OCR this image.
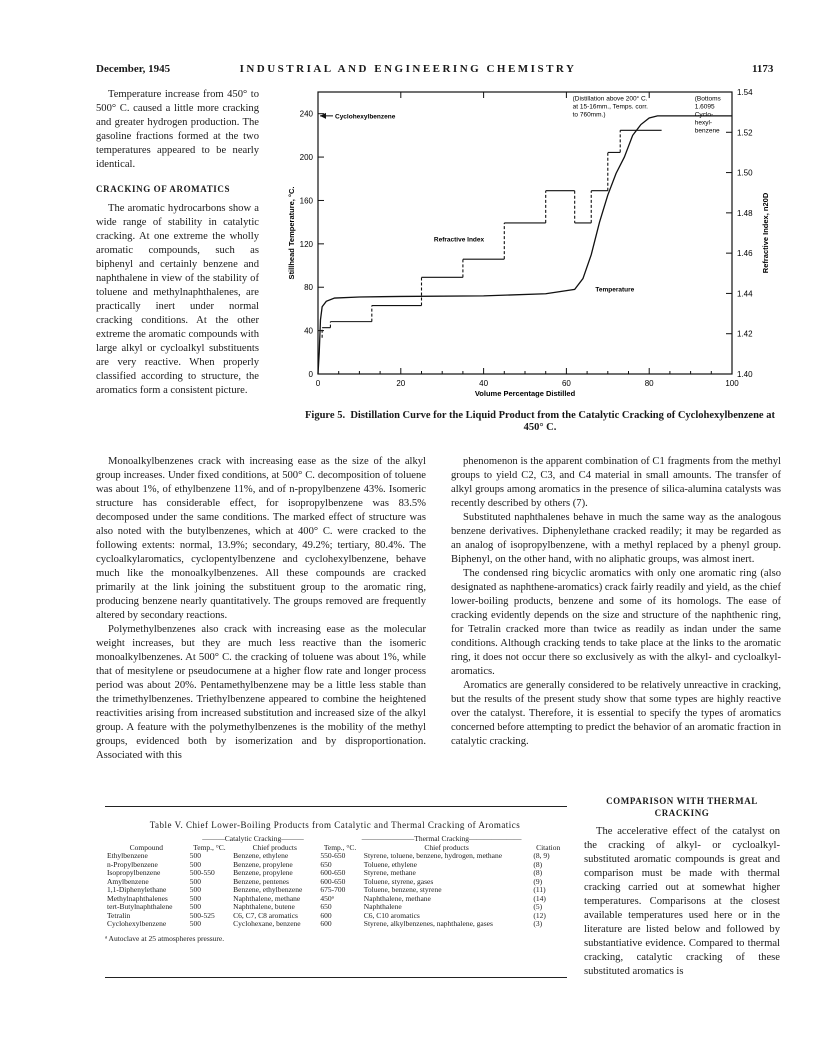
December, 1945	INDUSTRIAL AND ENGINEERING CHEMISTRY	1173

Temperature increase from 450° to 500° C. caused a little more cracking and greater hydrogen production. The gasoline fractions formed at the two temperatures appeared to be nearly identical.

CRACKING OF AROMATICS

The aromatic hydrocarbons show a wide range of stability in catalytic cracking. At one extreme the wholly aromatic compounds, such as biphenyl and certainly benzene and naphthalene in view of the stability of toluene and methylnaphthalenes, are practically inert under normal cracking conditions. At the other extreme the aromatic compounds with large alkyl or cycloalkyl substituents are very reactive. When properly classified according to structure, the aromatics form a consistent picture.

0	20	40	60	80	100
0
40
80
120
160
200
240
1.40
1.42
1.44
1.46
1.48
1.50
1.52
1.54
Volume Percentage Distilled
Stillhead Temperature, °C.	Refractive Index, n20D
Refractive Index
Temperature
Cyclohexylbenzene
(Distillation above 200° C.
at 15-16mm., Temps. corr.
to 760mm.)
(Bottoms
1.6095
Cyclo-
hexyl-
benzene
Figure 5. Distillation Curve for the Liquid Product from the Catalytic Cracking of Cyclohexylbenzene at 450° C.

Monoalkylbenzenes crack with increasing ease as the size of the alkyl group increases. Under fixed conditions, at 500° C. decomposition of toluene was about 1%, of ethylbenzene 11%, and of n-propylbenzene 43%. Isomeric structure has considerable effect, for isopropylbenzene was 83.5% decomposed under the same conditions. The marked effect of structure was also noted with the butylbenzenes, which at 400° C. were cracked to the following extents: normal, 13.9%; secondary, 49.2%; tertiary, 80.4%. The cycloalkylaromatics, cyclopentylbenzene and cyclohexylbenzene, behave much like the monoalkylbenzenes. All these compounds are cracked primarily at the link joining the substituent group to the aromatic ring, producing benzene nearly quantitatively. The groups removed are frequently altered by secondary reactions.

Polymethylbenzenes also crack with increasing ease as the molecular weight increases, but they are much less reactive than the isomeric monoalkylbenzenes. At 500° C. the cracking of toluene was about 1%, while that of mesitylene or pseudocumene at a higher flow rate and longer process period was about 20%. Pentamethylbenzene may be a little less stable than the trimethylbenzenes. Triethylbenzene appeared to combine the heightened reactivities arising from increased substitution and increased size of the alkyl group. A feature with the polymethylbenzenes is the mobility of the methyl groups, evidenced both by isomerization and by disproportionation. Associated with this

phenomenon is the apparent combination of C1 fragments from the methyl groups to yield C2, C3, and C4 material in small amounts. The transfer of alkyl groups among aromatics in the presence of silica-alumina catalysts was recently described by others (7).

Substituted naphthalenes behave in much the same way as the analogous benzene derivatives. Diphenylethane cracked readily; it may be regarded as an analog of isopropylbenzene, with a methyl replaced by a phenyl group. Biphenyl, on the other hand, with no aliphatic groups, was almost inert.

The condensed ring bicyclic aromatics with only one aromatic ring (also designated as naphthene-aromatics) crack fairly readily and yield, as the chief lower-boiling products, benzene and some of its homologs. The ease of cracking evidently depends on the size and structure of the naphthenic ring, for Tetralin cracked more than twice as readily as indan under the same conditions. Although cracking tends to take place at the links to the aromatic ring, it does not occur there so exclusively as with the alkyl- and cycloalkyl- aromatics.

Aromatics are generally considered to be relatively unreactive in cracking, but the results of the present study show that some types are highly reactive over the catalyst. Therefore, it is essential to specify the types of aromatics concerned before attempting to predict the behavior of an aromatic fraction in catalytic cracking.

COMPARISON WITH THERMAL CRACKING

The accelerative effect of the catalyst on the cracking of alkyl- or cycloalkyl-substituted aromatic compounds is great and comparison must be made with thermal cracking carried out at somewhat higher temperatures. Comparisons at the closest available temperatures used here or in the literature are listed below and followed by substantiative evidence. Compared to thermal cracking, catalytic cracking of these substituted aromatics is

Table V. Chief Lower-Boiling Products from Catalytic and Thermal Cracking of Aromatics
	———Catalytic Cracking———		———————Thermal Cracking———————		
Compound	Temp., °C.	Chief products	Temp., °C.	Chief products	Citation
Ethylbenzene	500	Benzene, ethylene	550-650	Styrene, toluene, benzene, hydrogen, methane	(8, 9)
n-Propylbenzene	500	Benzene, propylene	650	Toluene, ethylene	(8)
Isopropylbenzene	500-550	Benzene, propylene	600-650	Styrene, methane	(8)
Amylbenzene	500	Benzene, pentenes	600-650	Toluene, styrene, gases	(9)
1,1-Diphenylethane	500	Benzene, ethylbenzene	675-700	Toluene, benzene, styrene	(11)
Methylnaphthalenes	500	Naphthalene, methane	450ª	Naphthalene, methane	(14)
tert-Butylnaphthalene	500	Naphthalene, butene	650	Naphthalene	(5)
Tetralin	500-525	C6, C7, C8 aromatics	600	C6, C10 aromatics	(12)
Cyclohexylbenzene	500	Cyclohexane, benzene	600	Styrene, alkylbenzenes, naphthalene, gases	(3)
ª Autoclave at 25 atmospheres pressure.
